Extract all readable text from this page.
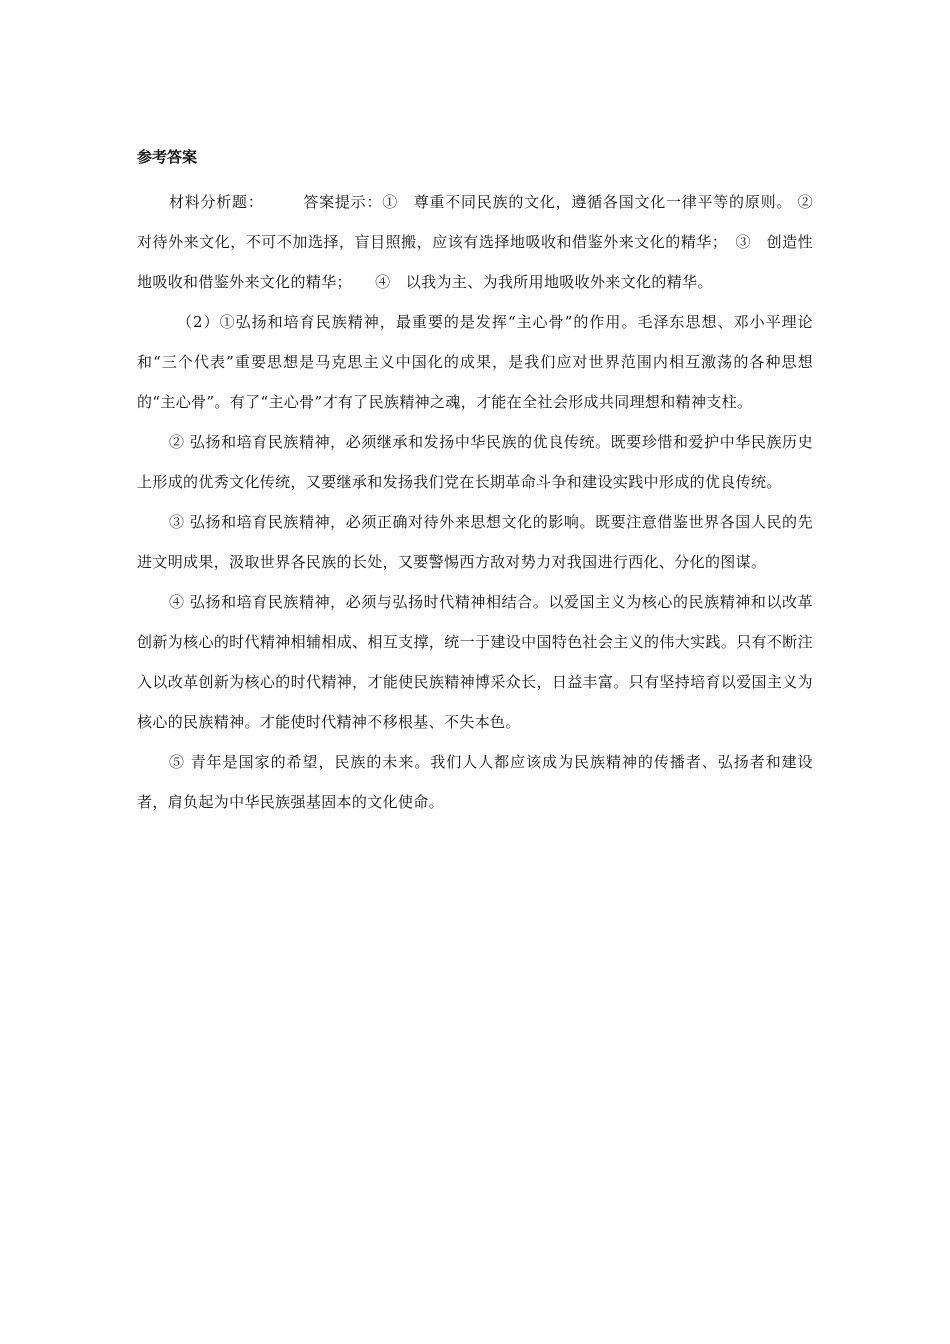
参考答案

材料分析题：　　　答案提示：①　尊重不同民族的文化，遵循各国文化一律平等的原则。 ②　对待外来文化，不可不加选择，盲目照搬，应该有选择地吸收和借鉴外来文化的精华；　③　创造性地吸收和借鉴外来文化的精华；　　④　以我为主、为我所用地吸收外来文化的精华。

（2）①弘扬和培育民族精神，最重要的是发挥“主心骨”的作用。毛泽东思想、邓小平理论和“三个代表”重要思想是马克思主义中国化的成果，是我们应对世界范围内相互激荡的各种思想的“主心骨”。有了“主心骨”才有了民族精神之魂，才能在全社会形成共同理想和精神支柱。

② 弘扬和培育民族精神，必须继承和发扬中华民族的优良传统。既要珍惜和爱护中华民族历史上形成的优秀文化传统，又要继承和发扬我们党在长期革命斗争和建设实践中形成的优良传统。

③ 弘扬和培育民族精神，必须正确对待外来思想文化的影响。既要注意借鉴世界各国人民的先进文明成果，汲取世界各民族的长处，又要警惕西方敌对势力对我国进行西化、分化的图谋。

④ 弘扬和培育民族精神，必须与弘扬时代精神相结合。以爱国主义为核心的民族精神和以改革创新为核心的时代精神相辅相成、相互支撑，统一于建设中国特色社会主义的伟大实践。只有不断注入以改革创新为核心的时代精神，才能使民族精神博采众长，日益丰富。只有坚持培育以爱国主义为核心的民族精神。才能使时代精神不移根基、不失本色。

⑤ 青年是国家的希望，民族的未来。我们人人都应该成为民族精神的传播者、弘扬者和建设者，肩负起为中华民族强基固本的文化使命。
